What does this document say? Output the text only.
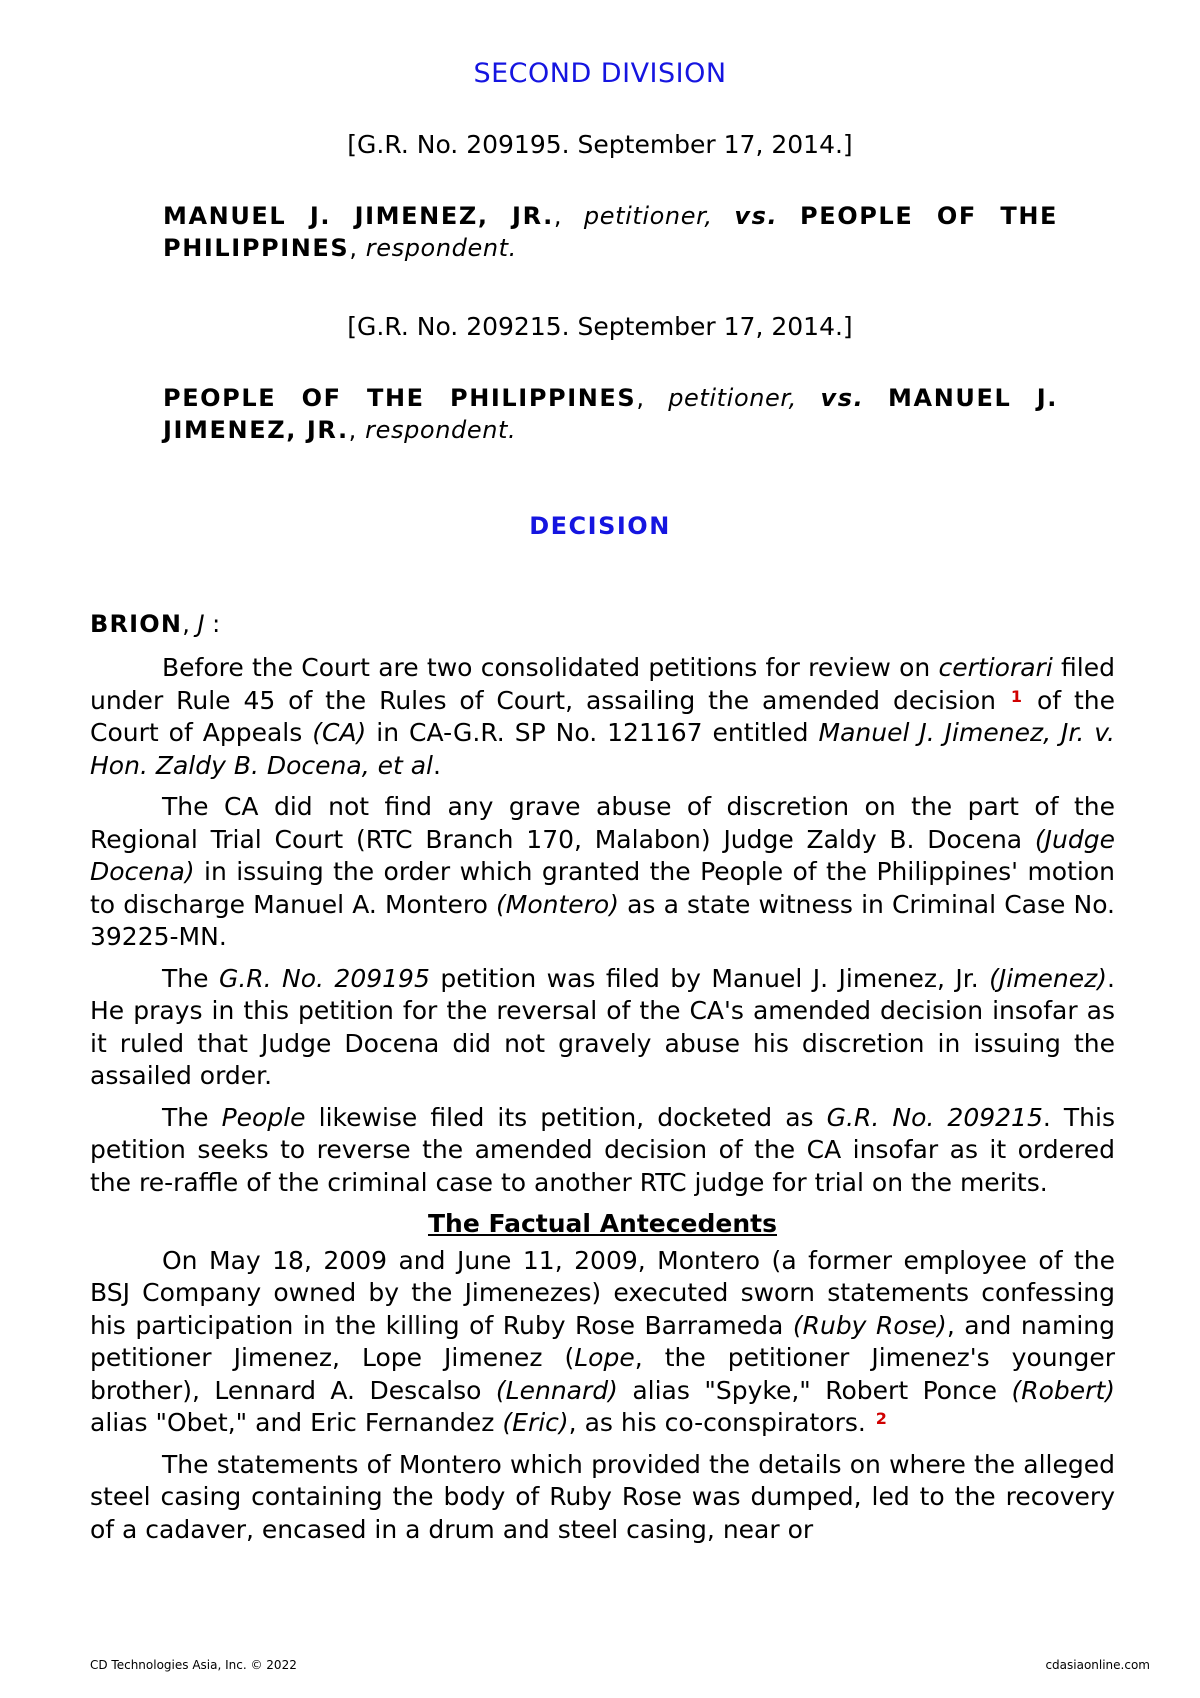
SECOND DIVISION
[G.R. No. 209195. September 17, 2014.]
MANUEL J. JIMENEZ, JR., petitioner, vs. PEOPLE OF THE PHILIPPINES, respondent.
[G.R. No. 209215. September 17, 2014.]
PEOPLE OF THE PHILIPPINES, petitioner, vs. MANUEL J. JIMENEZ, JR., respondent.
DECISION
BRION, J :

Before the Court are two consolidated petitions for review on certiorari filed under Rule 45 of the Rules of Court, assailing the amended decision $^1$ of the Court of Appeals (CA) in CA-G.R. SP No. 121167 entitled Manuel J. Jimenez, Jr. v. Hon. Zaldy B. Docena, et al.

The CA did not find any grave abuse of discretion on the part of the Regional Trial Court (RTC Branch 170, Malabon) Judge Zaldy B. Docena (Judge Docena) in issuing the order which granted the People of the Philippines' motion to discharge Manuel A. Montero (Montero) as a state witness in Criminal Case No. 39225-MN.

The G.R. No. 209195 petition was filed by Manuel J. Jimenez, Jr. (Jimenez). He prays in this petition for the reversal of the CA's amended decision insofar as it ruled that Judge Docena did not gravely abuse his discretion in issuing the assailed order.

The People likewise filed its petition, docketed as G.R. No. 209215. This petition seeks to reverse the amended decision of the CA insofar as it ordered the re-raffle of the criminal case to another RTC judge for trial on the merits.

The Factual Antecedents

On May 18, 2009 and June 11, 2009, Montero (a former employee of the BSJ Company owned by the Jimenezes) executed sworn statements confessing his participation in the killing of Ruby Rose Barrameda (Ruby Rose), and naming petitioner Jimenez, Lope Jimenez (Lope, the petitioner Jimenez's younger brother), Lennard A. Descalso (Lennard) alias "Spyke," Robert Ponce (Robert) alias "Obet," and Eric Fernandez (Eric), as his co-conspirators. $^2$

The statements of Montero which provided the details on where the alleged steel casing containing the body of Ruby Rose was dumped, led to the recovery of a cadaver, encased in a drum and steel casing, near or

CD Technologies Asia, Inc. © 2022	cdasiaonline.com
